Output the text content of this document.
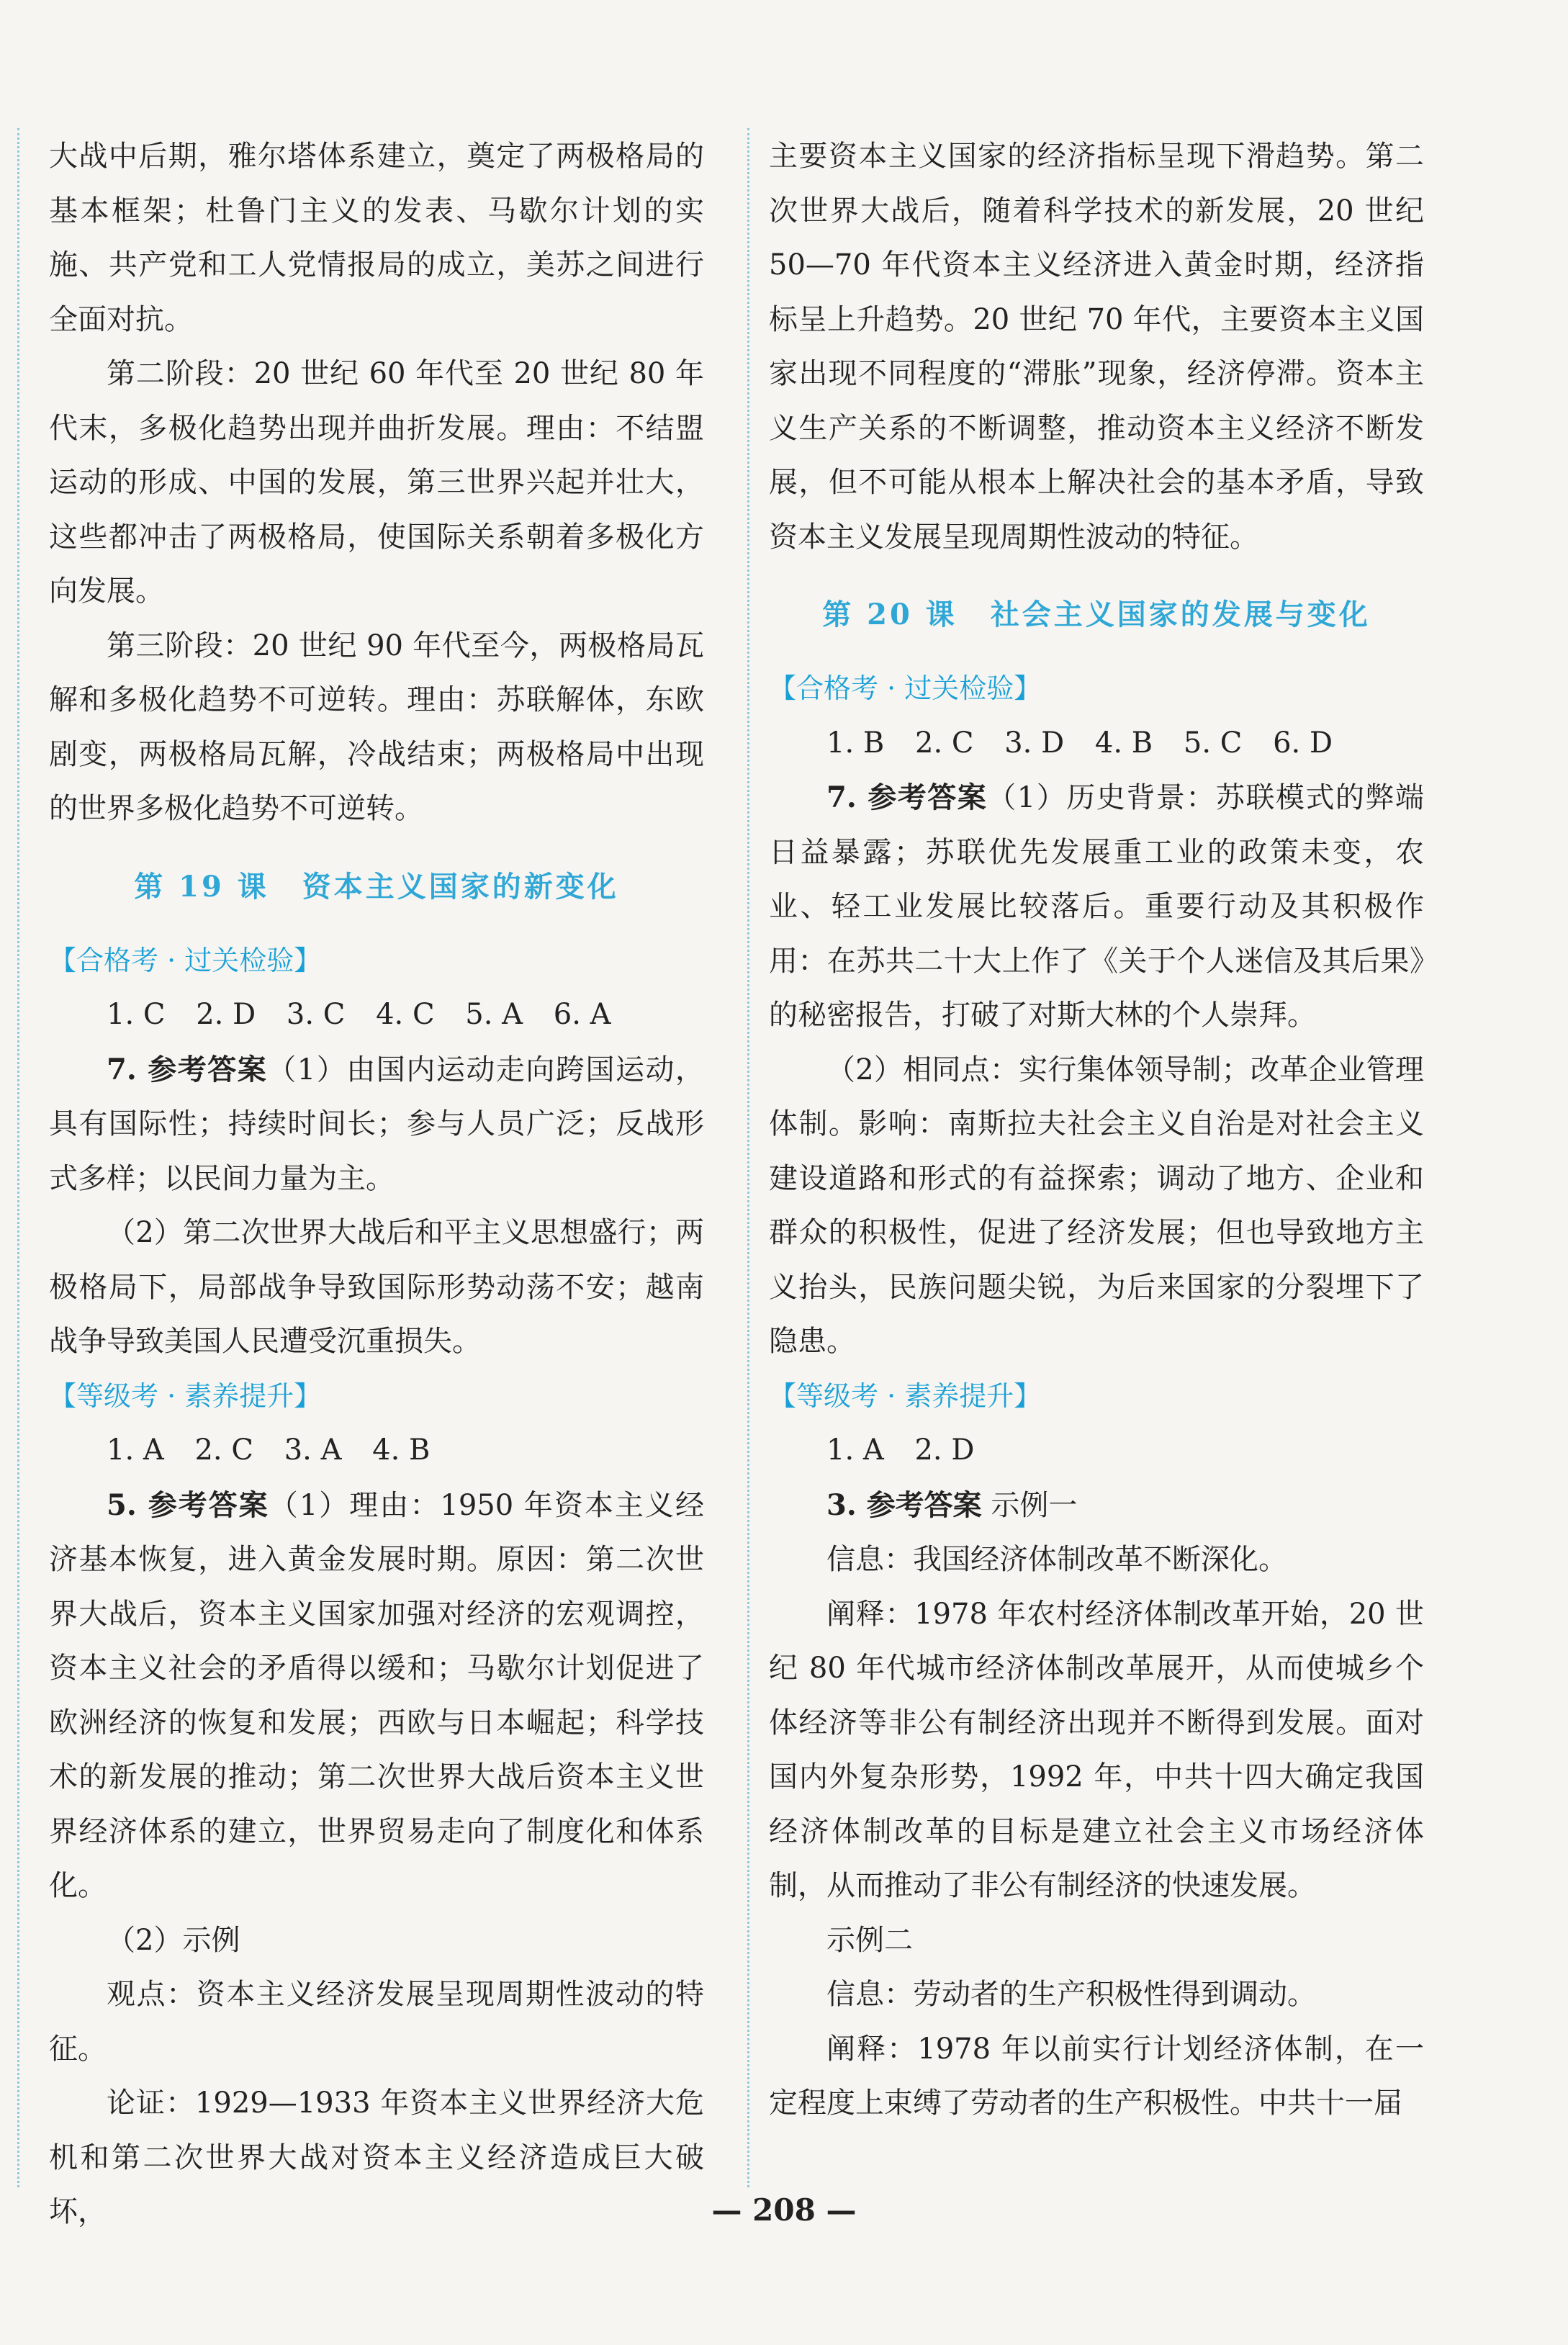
大战中后期，雅尔塔体系建立，奠定了两极格局的基本框架；杜鲁门主义的发表、马歇尔计划的实施、共产党和工人党情报局的成立，美苏之间进行全面对抗。

第二阶段：20 世纪 60 年代至 20 世纪 80 年代末，多极化趋势出现并曲折发展。理由：不结盟运动的形成、中国的发展，第三世界兴起并壮大，这些都冲击了两极格局，使国际关系朝着多极化方向发展。

第三阶段：20 世纪 90 年代至今，两极格局瓦解和多极化趋势不可逆转。理由：苏联解体，东欧剧变，两极格局瓦解，冷战结束；两极格局中出现的世界多极化趋势不可逆转。

第 19 课 资本主义国家的新变化
【合格考 · 过关检验】
1. C 2. D 3. C 4. C 5. A 6. A

7. 参考答案（1）由国内运动走向跨国运动，具有国际性；持续时间长；参与人员广泛；反战形式多样；以民间力量为主。

（2）第二次世界大战后和平主义思想盛行；两极格局下，局部战争导致国际形势动荡不安；越南战争导致美国人民遭受沉重损失。

【等级考 · 素养提升】
1. A 2. C 3. A 4. B

5. 参考答案（1）理由：1950 年资本主义经济基本恢复，进入黄金发展时期。原因：第二次世界大战后，资本主义国家加强对经济的宏观调控，资本主义社会的矛盾得以缓和；马歇尔计划促进了欧洲经济的恢复和发展；西欧与日本崛起；科学技术的新发展的推动；第二次世界大战后资本主义世界经济体系的建立，世界贸易走向了制度化和体系化。

（2）示例

观点：资本主义经济发展呈现周期性波动的特征。

论证：1929—1933 年资本主义世界经济大危机和第二次世界大战对资本主义经济造成巨大破坏，

主要资本主义国家的经济指标呈现下滑趋势。第二次世界大战后，随着科学技术的新发展，20 世纪 50—70 年代资本主义经济进入黄金时期，经济指标呈上升趋势。20 世纪 70 年代，主要资本主义国家出现不同程度的“滞胀”现象，经济停滞。资本主义生产关系的不断调整，推动资本主义经济不断发展，但不可能从根本上解决社会的基本矛盾，导致资本主义发展呈现周期性波动的特征。

第 20 课 社会主义国家的发展与变化
【合格考 · 过关检验】
1. B 2. C 3. D 4. B 5. C 6. D

7. 参考答案（1）历史背景：苏联模式的弊端日益暴露；苏联优先发展重工业的政策未变，农业、轻工业发展比较落后。重要行动及其积极作用：在苏共二十大上作了《关于个人迷信及其后果》的秘密报告，打破了对斯大林的个人崇拜。

（2）相同点：实行集体领导制；改革企业管理体制。影响：南斯拉夫社会主义自治是对社会主义建设道路和形式的有益探索；调动了地方、企业和群众的积极性，促进了经济发展；但也导致地方主义抬头，民族问题尖锐，为后来国家的分裂埋下了隐患。

【等级考 · 素养提升】
1. A 2. D

3. 参考答案 示例一

信息：我国经济体制改革不断深化。

阐释：1978 年农村经济体制改革开始，20 世纪 80 年代城市经济体制改革展开，从而使城乡个体经济等非公有制经济出现并不断得到发展。面对国内外复杂形势，1992 年，中共十四大确定我国经济体制改革的目标是建立社会主义市场经济体制，从而推动了非公有制经济的快速发展。

示例二

信息：劳动者的生产积极性得到调动。

阐释：1978 年以前实行计划经济体制，在一定程度上束缚了劳动者的生产积极性。中共十一届

— 208 —
